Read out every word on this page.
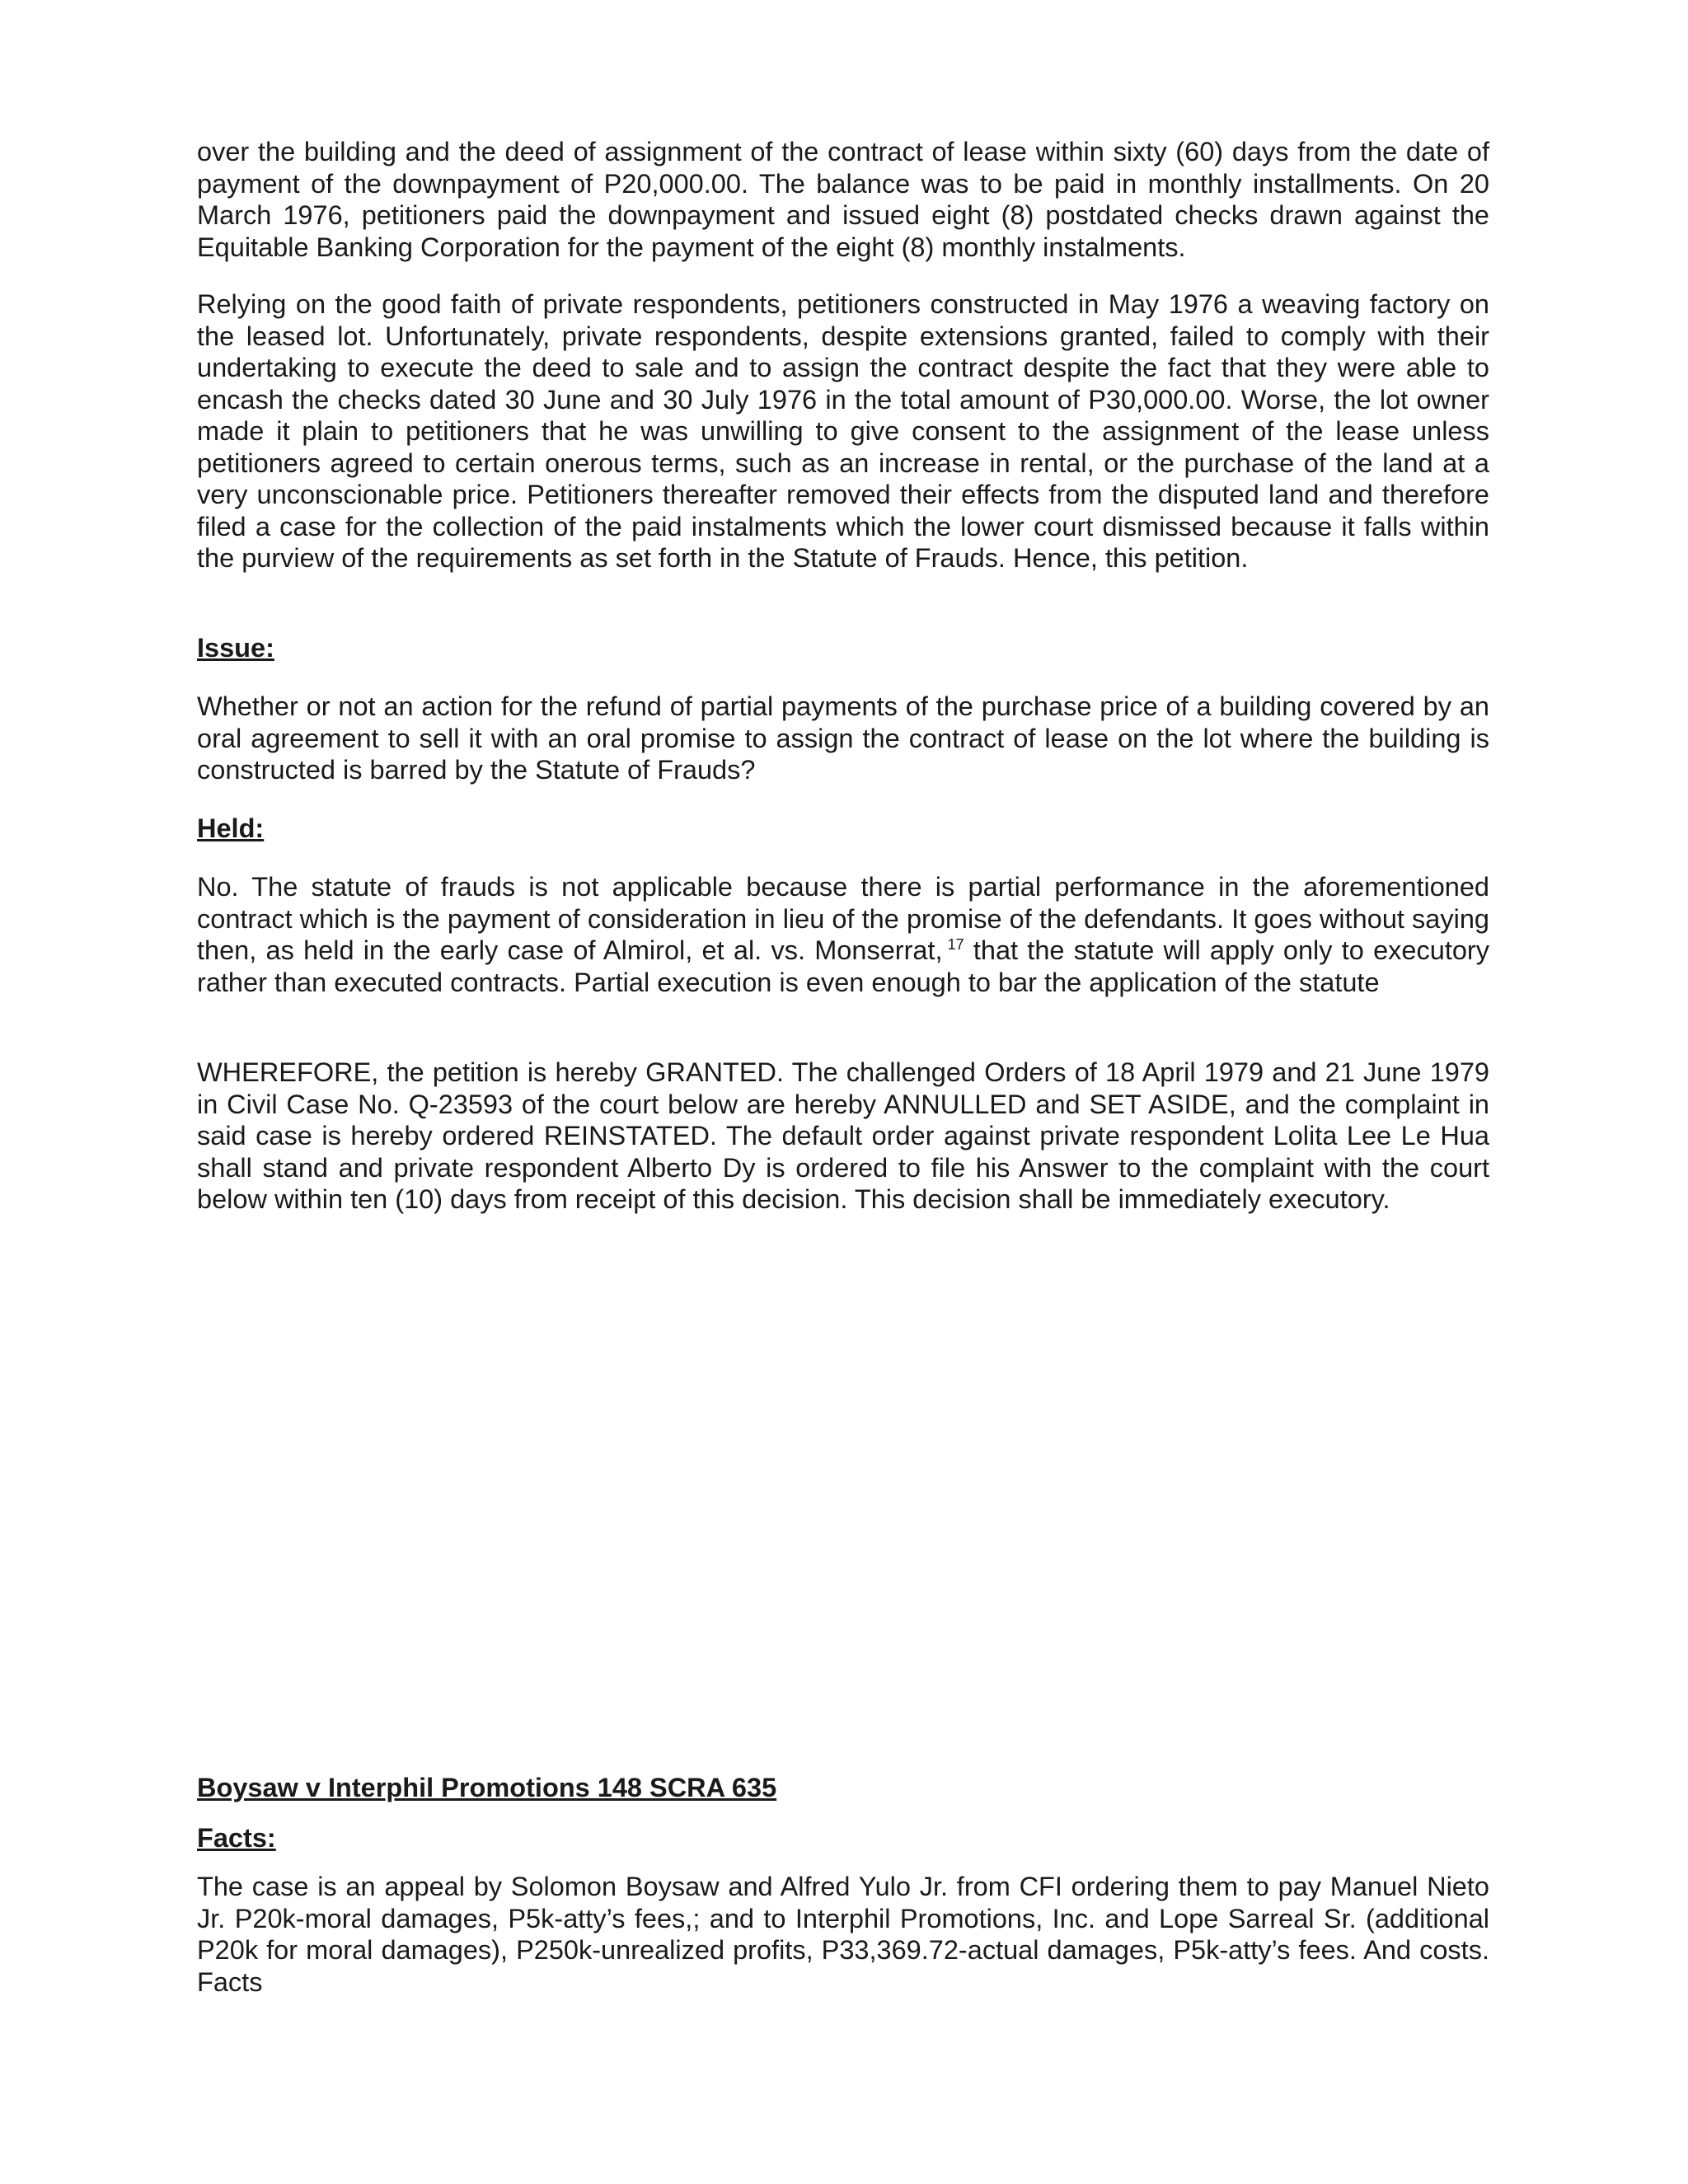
over the building and the deed of assignment of the contract of lease within sixty (60) days from the date of payment of the downpayment of P20,000.00. The balance was to be paid in monthly installments. On 20 March 1976, petitioners paid the downpayment and issued eight (8) postdated checks drawn against the Equitable Banking Corporation for the payment of the eight (8) monthly instalments.

Relying on the good faith of private respondents, petitioners constructed in May 1976 a weaving factory on the leased lot. Unfortunately, private respondents, despite extensions granted, failed to comply with their undertaking to execute the deed to sale and to assign the contract despite the fact that they were able to encash the checks dated 30 June and 30 July 1976 in the total amount of P30,000.00. Worse, the lot owner made it plain to petitioners that he was unwilling to give consent to the assignment of the lease unless petitioners agreed to certain onerous terms, such as an increase in rental, or the purchase of the land at a very unconscionable price. Petitioners thereafter removed their effects from the disputed land and therefore filed a case for the collection of the paid instalments which the lower court dismissed because it falls within the purview of the requirements as set forth in the Statute of Frauds. Hence, this petition.

Issue:

Whether or not an action for the refund of partial payments of the purchase price of a building covered by an oral agreement to sell it with an oral promise to assign the contract of lease on the lot where the building is constructed is barred by the Statute of Frauds?

Held:

No. The statute of frauds is not applicable because there is partial performance in the aforementioned contract which is the payment of consideration in lieu of the promise of the defendants. It goes without saying then, as held in the early case of Almirol, et al. vs. Monserrat, $^{17}$ that the statute will apply only to executory rather than executed contracts. Partial execution is even enough to bar the application of the statute

WHEREFORE, the petition is hereby GRANTED. The challenged Orders of 18 April 1979 and 21 June 1979 in Civil Case No. Q-23593 of the court below are hereby ANNULLED and SET ASIDE, and the complaint in said case is hereby ordered REINSTATED. The default order against private respondent Lolita Lee Le Hua shall stand and private respondent Alberto Dy is ordered to file his Answer to the complaint with the court below within ten (10) days from receipt of this decision. This decision shall be immediately executory.

Boysaw v Interphil Promotions 148 SCRA 635

Facts:

The case is an appeal by Solomon Boysaw and Alfred Yulo Jr. from CFI ordering them to pay Manuel Nieto Jr. P20k-moral damages, P5k-atty’s fees,; and to Interphil Promotions, Inc. and Lope Sarreal Sr. (additional P20k for moral damages), P250k-unrealized profits, P33,369.72-actual damages, P5k-atty’s fees. And costs. Facts
